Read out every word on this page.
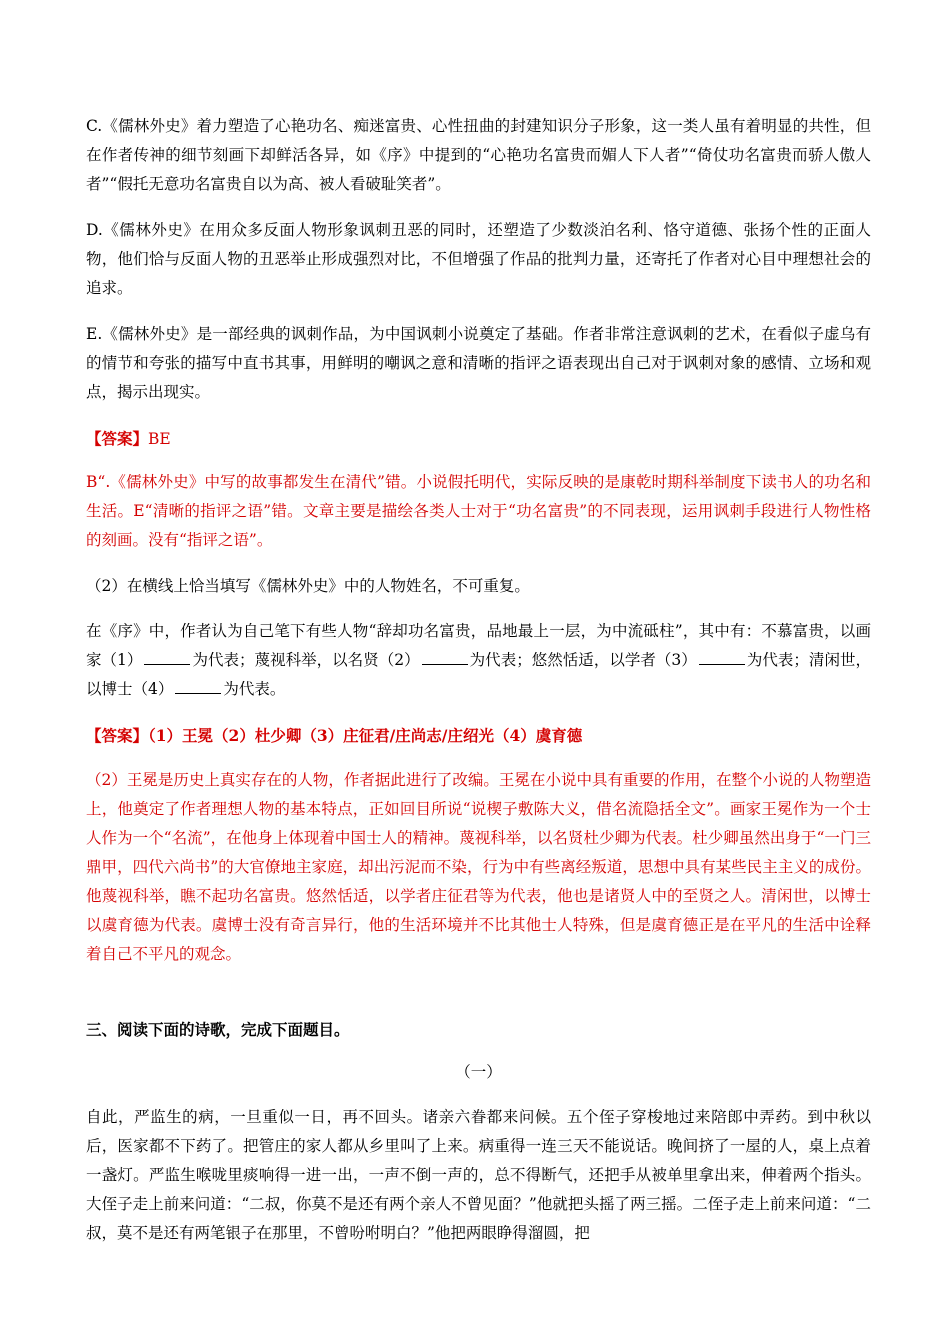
C.《儒林外史》着力塑造了心艳功名、痴迷富贵、心性扭曲的封建知识分子形象，这一类人虽有着明显的共性，但在作者传神的细节刻画下却鲜活各异，如《序》中提到的“心艳功名富贵而媚人下人者”“倚仗功名富贵而骄人傲人者”“假托无意功名富贵自以为高、被人看破耻笑者”。

D.《儒林外史》在用众多反面人物形象讽刺丑恶的同时，还塑造了少数淡泊名利、恪守道德、张扬个性的正面人物，他们恰与反面人物的丑恶举止形成强烈对比，不但增强了作品的批判力量，还寄托了作者对心目中理想社会的追求。

E.《儒林外史》是一部经典的讽刺作品，为中国讽刺小说奠定了基础。作者非常注意讽刺的艺术，在看似子虚乌有的情节和夸张的描写中直书其事，用鲜明的嘲讽之意和清晰的指评之语表现出自己对于讽刺对象的感情、立场和观点，揭示出现实。

【答案】BE

B“.《儒林外史》中写的故事都发生在清代”错。小说假托明代，实际反映的是康乾时期科举制度下读书人的功名和生活。E“清晰的指评之语”错。文章主要是描绘各类人士对于“功名富贵”的不同表现，运用讽刺手段进行人物性格的刻画。没有“指评之语”。

（2）在横线上恰当填写《儒林外史》中的人物姓名，不可重复。

在《序》中，作者认为自己笔下有些人物“辞却功名富贵，品地最上一层，为中流砥柱”，其中有：不慕富贵，以画家（1）	为代表；蔑视科举，以名贤（2）	为代表；悠然恬适，以学者（3）	为代表；清闲世，以博士（4）	为代表。

【答案】（1）王冕（2）杜少卿（3）庄征君/庄尚志/庄绍光（4）虞育德

（2）王冕是历史上真实存在的人物，作者据此进行了改编。王冕在小说中具有重要的作用，在整个小说的人物塑造上，他奠定了作者理想人物的基本特点，正如回目所说“说楔子敷陈大义，借名流隐括全文”。画家王冕作为一个士人作为一个“名流”，在他身上体现着中国士人的精神。蔑视科举，以名贤杜少卿为代表。杜少卿虽然出身于“一门三鼎甲，四代六尚书”的大官僚地主家庭，却出污泥而不染，行为中有些离经叛道，思想中具有某些民主主义的成份。他蔑视科举，瞧不起功名富贵。悠然恬适，以学者庄征君等为代表，他也是诸贤人中的至贤之人。清闲世，以博士以虞育德为代表。虞博士没有奇言异行，他的生活环境并不比其他士人特殊，但是虞育德正是在平凡的生活中诠释着自己不平凡的观念。

三、阅读下面的诗歌，完成下面题目。

（一）

自此，严监生的病，一旦重似一日，再不回头。诸亲六眷都来问候。五个侄子穿梭地过来陪郎中弄药。到中秋以后，医家都不下药了。把管庄的家人都从乡里叫了上来。病重得一连三天不能说话。晚间挤了一屋的人，桌上点着一盏灯。严监生喉咙里痰响得一进一出，一声不倒一声的，总不得断气，还把手从被单里拿出来，伸着两个指头。大侄子走上前来问道：“二叔，你莫不是还有两个亲人不曾见面？”他就把头摇了两三摇。二侄子走上前来问道：“二叔，莫不是还有两笔银子在那里，不曾吩咐明白？”他把两眼睁得溜圆，把
